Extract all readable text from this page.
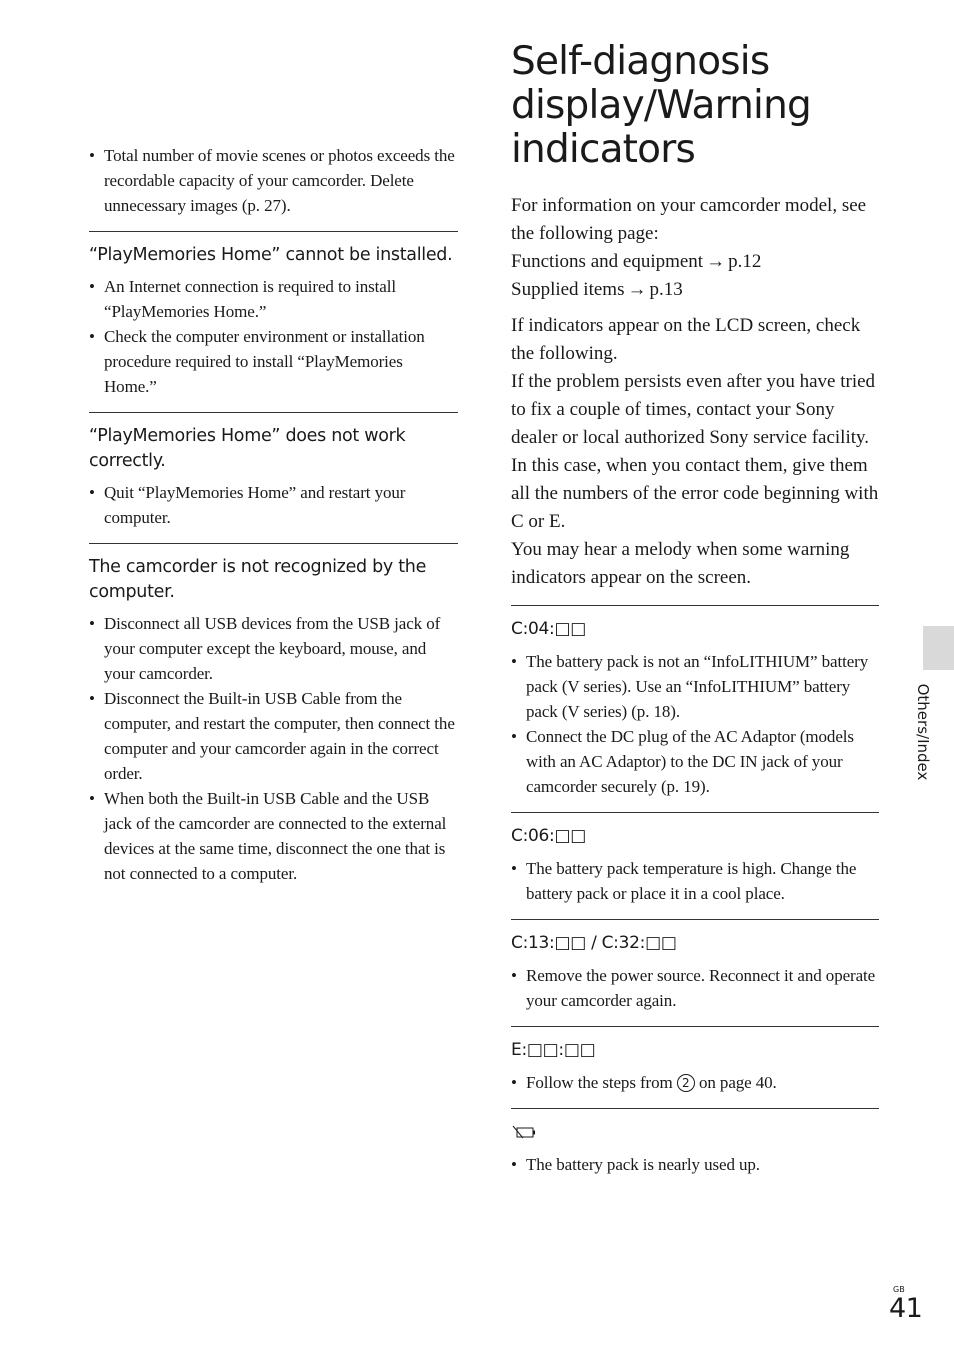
• Total number of movie scenes or photos exceeds the recordable capacity of your camcorder. Delete unnecessary images (p. 27).

“PlayMemories Home” cannot be installed.

• An Internet connection is required to install “PlayMemories Home.”
• Check the computer environment or installation procedure required to install “PlayMemories Home.”

“PlayMemories Home” does not work correctly.

• Quit “PlayMemories Home” and restart your computer.

The camcorder is not recognized by the computer.

• Disconnect all USB devices from the USB jack of your computer except the keyboard, mouse, and your camcorder.
• Disconnect the Built-in USB Cable from the computer, and restart the computer, then connect the computer and your camcorder again in the correct order.
• When both the Built-in USB Cable and the USB jack of the camcorder are connected to the external devices at the same time, disconnect the one that is not connected to a computer.
Self-diagnosis
display/Warning
indicators

For information on your camcorder model, see the following page:
Functions and equipment → p.12
Supplied items → p.13

If indicators appear on the LCD screen, check the following.
If the problem persists even after you have tried to fix a couple of times, contact your Sony dealer or local authorized Sony service facility. In this case, when you contact them, give them all the numbers of the error code beginning with C or E.
You may hear a melody when some warning indicators appear on the screen.

C:04:□□

• The battery pack is not an “InfoLITHIUM” battery pack (V series). Use an “InfoLITHIUM” battery pack (V series) (p. 18).
• Connect the DC plug of the AC Adaptor (models with an AC Adaptor) to the DC IN jack of your camcorder securely (p. 19).

C:06:□□

• The battery pack temperature is high. Change the battery pack or place it in a cool place.

C:13:□□ / C:32:□□

• Remove the power source. Reconnect it and operate your camcorder again.

E:□□:□□

• Follow the steps from 2 on page 40.

• The battery pack is nearly used up.
Others/Index
GB
41
